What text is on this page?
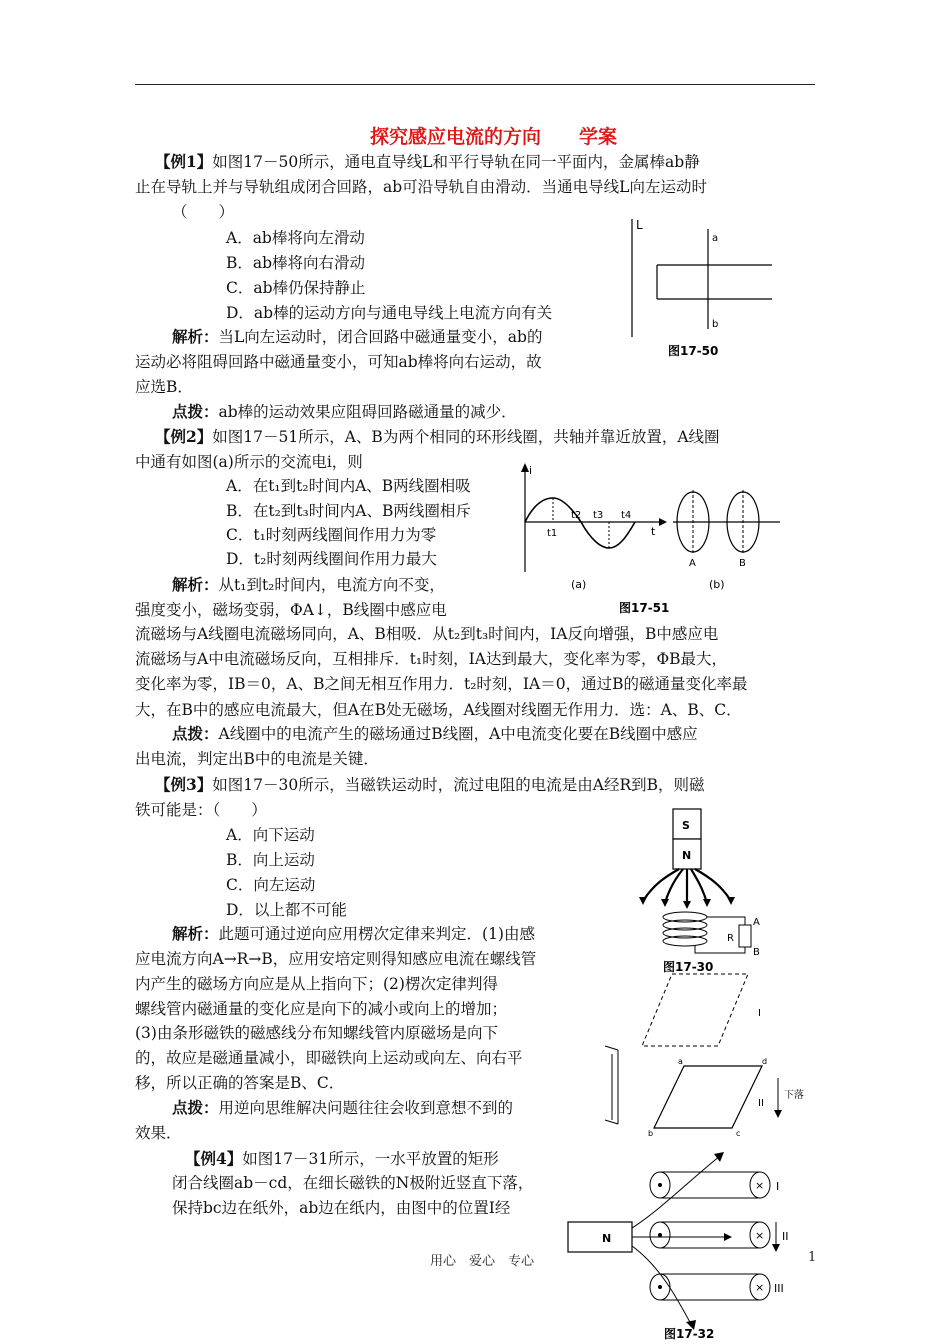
探究感应电流的方向　　学案
【例1】如图17－50所示，通电直导线L和平行导轨在同一平面内，金属棒ab静
止在导轨上并与导轨组成闭合回路，ab可沿导轨自由滑动．当通电导线L向左运动时
（　　）
A．ab棒将向左滑动
B．ab棒将向右滑动
C．ab棒仍保持静止
D．ab棒的运动方向与通电导线上电流方向有关
解析：当L向左运动时，闭合回路中磁通量变小，ab的
运动必将阻碍回路中磁通量变小，可知ab棒将向右运动，故
应选B．
点拨：ab棒的运动效果应阻碍回路磁通量的减少．
L
a
b
图17-50
【例2】如图17－51所示，A、B为两个相同的环形线圈，共轴并靠近放置，A线圈
中通有如图(a)所示的交流电i，则
A．在t₁到t₂时间内A、B两线圈相吸
B．在t₂到t₃时间内A、B两线圈相斥
C．t₁时刻两线圈间作用力为零
D．t₂时刻两线圈间作用力最大
解析：从t₁到t₂时间内，电流方向不变，
强度变小，磁场变弱，ΦA↓，B线圈中感应电
流磁场与A线圈电流磁场同向，A、B相吸．从t₂到t₃时间内，IA反向增强，B中感应电
流磁场与A中电流磁场反向，互相排斥．t₁时刻，IA达到最大，变化率为零，ΦB最大，
变化率为零，IB＝0，A、B之间无相互作用力．t₂时刻，IA＝0，通过B的磁通量变化率最
大，在B中的感应电流最大，但A在B处无磁场，A线圈对线圈无作用力．选：A、B、C．
点拨：A线圈中的电流产生的磁场通过B线圈，A中电流变化要在B线圈中感应
出电流，判定出B中的电流是关键．
i
t
t1
t2 t3 t4
A	B
(a)	(b)
图17-51
【例3】如图17－30所示，当磁铁运动时，流过电阻的电流是由A经R到B，则磁
铁可能是：（　　）
A．向下运动
B．向上运动
C．向左运动
D．以上都不可能
解析：此题可通过逆向应用楞次定律来判定．(1)由感
应电流方向A→R→B，应用安培定则得知感应电流在螺线管
内产生的磁场方向应是从上指向下；(2)楞次定律判得
螺线管内磁通量的变化应是向下的减小或向上的增加；
(3)由条形磁铁的磁感线分布知螺线管内原磁场是向下
的，故应是磁通量减小，即磁铁向上运动或向左、向右平
移，所以正确的答案是B、C．
点拨：用逆向思维解决问题往往会收到意想不到的
效果．
S
N
R
A
B
图17-30
I
a
b	c
d
II
下落
【例4】如图17－31所示，一水平放置的矩形
闭合线圈ab－cd，在细长磁铁的N极附近竖直下落，
保持bc边在纸外，ab边在纸内，由图中的位置Ⅰ经
N
× I
× II
× III
图17-32
用心　爱心　专心	1
